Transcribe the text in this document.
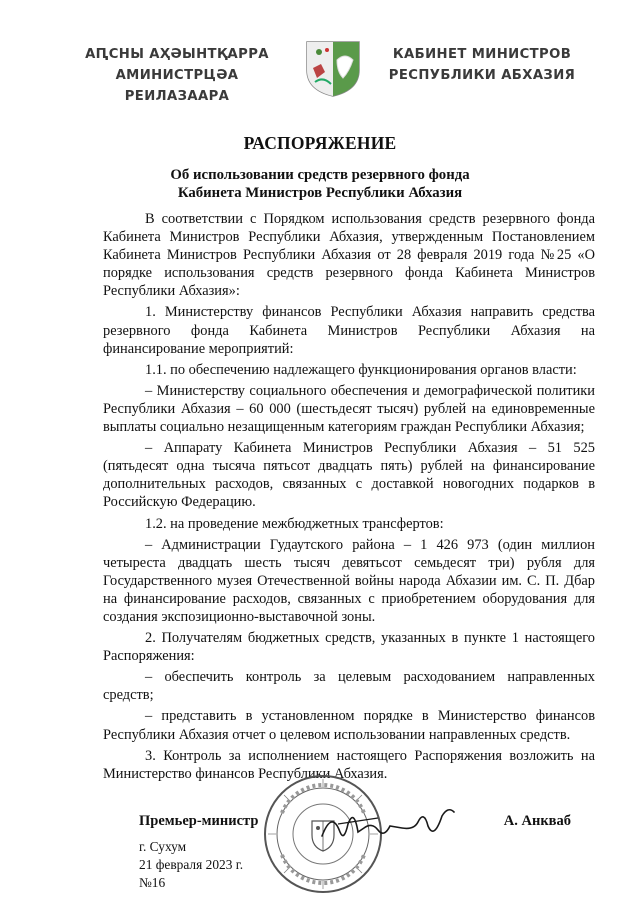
АԤСНЫ АҲӘЫНТҚАРРА
АМИНИСТРЦӘА РЕИЛАЗААРА
КАБИНЕТ МИНИСТРОВ
РЕСПУБЛИКИ АБХАЗИЯ
РАСПОРЯЖЕНИЕ
Об использовании средств резервного фонда
Кабинета Министров Республики Абхазия

В соответствии с Порядком использования средств резервного фонда Кабинета Министров Республики Абхазия, утвержденным Постановлением Кабинета Министров Республики Абхазия от 28 февраля 2019 года №25 «О порядке использования средств резервного фонда Кабинета Министров Республики Абхазия»:

1. Министерству финансов Республики Абхазия направить средства резервного фонда Кабинета Министров Республики Абхазия на финансирование мероприятий:

1.1. по обеспечению надлежащего функционирования органов власти:

– Министерству социального обеспечения и демографической политики Республики Абхазия – 60 000 (шестьдесят тысяч) рублей на единовременные выплаты социально незащищенным категориям граждан Республики Абхазия;

– Аппарату Кабинета Министров Республики Абхазия – 51 525 (пятьдесят одна тысяча пятьсот двадцать пять) рублей на финансирование дополнительных расходов, связанных с доставкой новогодних подарков в Российскую Федерацию.

1.2. на проведение межбюджетных трансфертов:

– Администрации Гудаутского района – 1 426 973 (один миллион четыреста двадцать шесть тысяч девятьсот семьдесят три) рубля для Государственного музея Отечественной войны народа Абхазии им. С. П. Дбар на финансирование расходов, связанных с приобретением оборудования для создания экспозиционно-выставочной зоны.

2. Получателям бюджетных средств, указанных в пункте 1 настоящего Распоряжения:

– обеспечить контроль за целевым расходованием направленных средств;

– представить в установленном порядке в Министерство финансов Республики Абхазия отчет о целевом использовании направленных средств.

3. Контроль за исполнением настоящего Распоряжения возложить на Министерство финансов Республики Абхазия.

Премьер-министр	А. Анкваб
г. Сухум
21 февраля 2023 г.
№16
